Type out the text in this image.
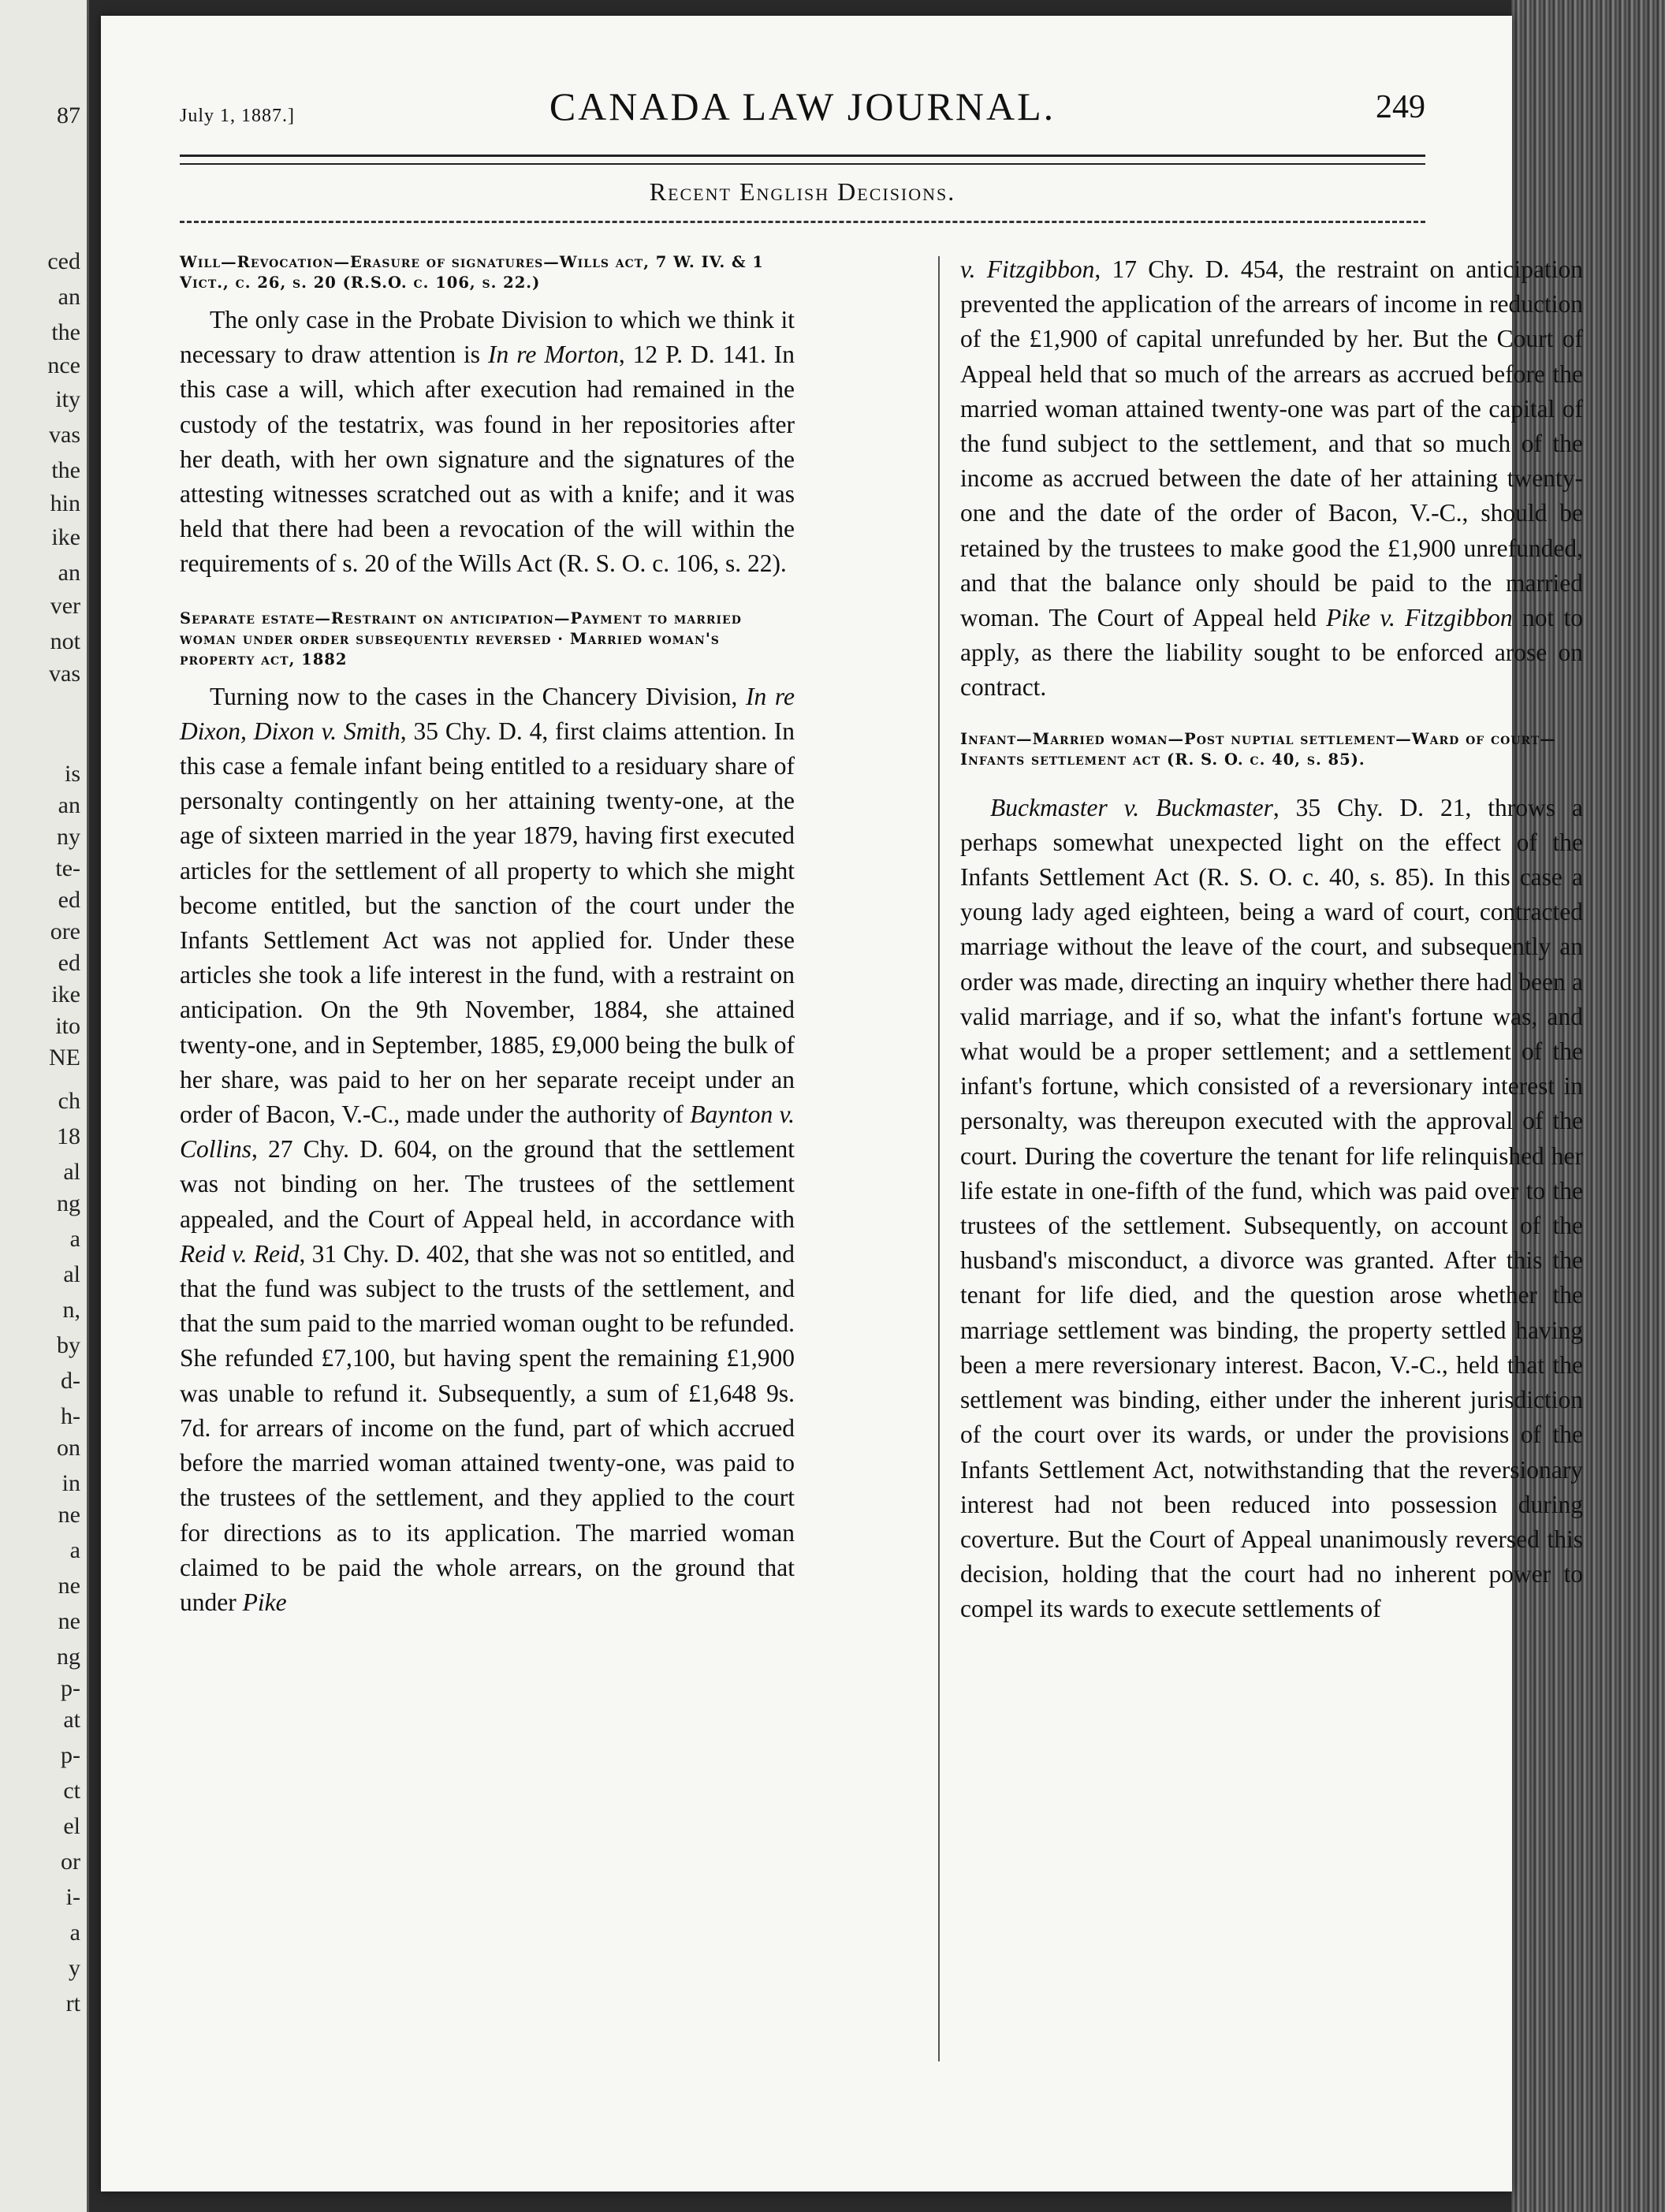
87
ced
an
the
nce
ity
vas
the
hin
ike
an
ver
not
vas
is
an
ny
te-
ed
ore
ed
ike
ito
NE
ch
18
al
ng
a
al
n,
by
d-
h-
on
in
ne
a
ne
ne
ng
p-
at
p-
ct
el
or
i-
a
y
rt
July 1, 1887.]	CANADA LAW JOURNAL.	249
Recent English Decisions.
Will—Revocation—Erasure of signatures—Wills act, 7 W. IV. & 1 Vict., c. 26, s. 20 (R.S.O. c. 106, s. 22.)

The only case in the Probate Division to which we think it necessary to draw attention is In re Morton, 12 P. D. 141. In this case a will, which after execution had remained in the custody of the testatrix, was found in her repositories after her death, with her own signature and the signatures of the attesting witnesses scratched out as with a knife; and it was held that there had been a revocation of the will within the requirements of s. 20 of the Wills Act (R. S. O. c. 106, s. 22).

Separate estate—Restraint on anticipation—Payment to married woman under order subsequently reversed · Married woman's property act, 1882

Turning now to the cases in the Chancery Division, In re Dixon, Dixon v. Smith, 35 Chy. D. 4, first claims attention. In this case a female infant being entitled to a residuary share of personalty contingently on her attaining twenty-one, at the age of sixteen married in the year 1879, having first executed articles for the settlement of all property to which she might become entitled, but the sanction of the court under the Infants Settlement Act was not applied for. Under these articles she took a life interest in the fund, with a restraint on anticipation. On the 9th November, 1884, she attained twenty-one, and in September, 1885, £9,000 being the bulk of her share, was paid to her on her separate receipt under an order of Bacon, V.-C., made under the authority of Baynton v. Collins, 27 Chy. D. 604, on the ground that the settlement was not binding on her. The trustees of the settlement appealed, and the Court of Appeal held, in accordance with Reid v. Reid, 31 Chy. D. 402, that she was not so entitled, and that the fund was subject to the trusts of the settlement, and that the sum paid to the married woman ought to be refunded. She refunded £7,100, but having spent the remaining £1,900 was unable to refund it. Subsequently, a sum of £1,648 9s. 7d. for arrears of income on the fund, part of which accrued before the married woman attained twenty-one, was paid to the trustees of the settlement, and they applied to the court for directions as to its application. The married woman claimed to be paid the whole arrears, on the ground that under Pike

v. Fitzgibbon, 17 Chy. D. 454, the restraint on anticipation prevented the application of the arrears of income in reduction of the £1,900 of capital unrefunded by her. But the Court of Appeal held that so much of the arrears as accrued before the married woman attained twenty-one was part of the capital of the fund subject to the settlement, and that so much of the income as accrued between the date of her attaining twenty-one and the date of the order of Bacon, V.-C., should be retained by the trustees to make good the £1,900 unrefunded, and that the balance only should be paid to the married woman. The Court of Appeal held Pike v. Fitzgibbon not to apply, as there the liability sought to be enforced arose on contract.

Infant—Married woman—Post nuptial settlement—Ward of court—Infants settlement act (R. S. O. c. 40, s. 85).

Buckmaster v. Buckmaster, 35 Chy. D. 21, throws a perhaps somewhat unexpected light on the effect of the Infants Settlement Act (R. S. O. c. 40, s. 85). In this case a young lady aged eighteen, being a ward of court, contracted marriage without the leave of the court, and subsequently an order was made, directing an inquiry whether there had been a valid marriage, and if so, what the infant's fortune was, and what would be a proper settlement; and a settlement of the infant's fortune, which consisted of a reversionary interest in personalty, was thereupon executed with the approval of the court. During the coverture the tenant for life relinquished her life estate in one-fifth of the fund, which was paid over to the trustees of the settlement. Subsequently, on account of the husband's misconduct, a divorce was granted. After this the tenant for life died, and the question arose whether the marriage settlement was binding, the property settled having been a mere reversionary interest. Bacon, V.-C., held that the settlement was binding, either under the inherent jurisdiction of the court over its wards, or under the provisions of the Infants Settlement Act, notwithstanding that the reversionary interest had not been reduced into possession during coverture. But the Court of Appeal unanimously reversed this decision, holding that the court had no inherent power to compel its wards to execute settlements of
